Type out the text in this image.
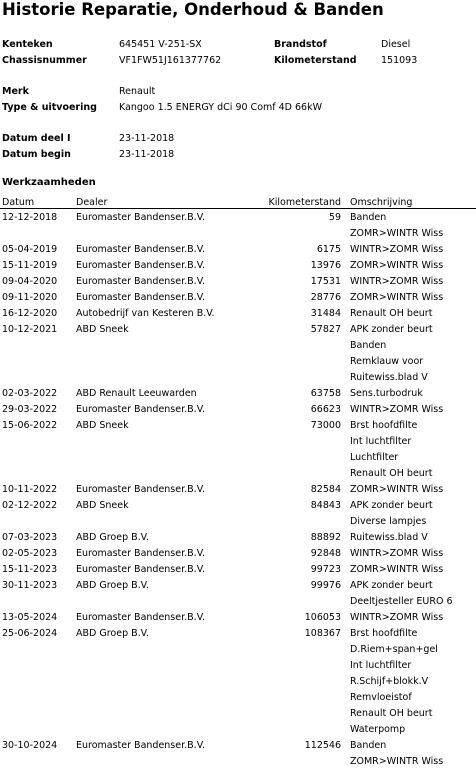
Historie Reparatie, Onderhoud & Banden
Kenteken	645451 V-251-SX	Brandstof	Diesel
Chassisnummer	VF1FW51J161377762	Kilometerstand	151093
Merk	Renault
Type & uitvoering Kangoo 1.5 ENERGY dCi 90 Comf 4D 66kW
Datum deel I	23-11-2018
Datum begin	23-11-2018
Werkzaamheden
Datum	Dealer	Kilometerstand Omschrijving
12-12-2018 Euromaster Bandenser.B.V.	59 Banden
ZOMR>WINTR Wiss
05-04-2019 Euromaster Bandenser.B.V.	6175 WINTR>ZOMR Wiss
15-11-2019 Euromaster Bandenser.B.V.	13976 ZOMR>WINTR Wiss
09-04-2020 Euromaster Bandenser.B.V.	17531 WINTR>ZOMR Wiss
09-11-2020 Euromaster Bandenser.B.V.	28776 ZOMR>WINTR Wiss
16-12-2020 Autobedrijf van Kesteren B.V.	31484 Renault OH beurt
10-12-2021 ABD Sneek	57827 APK zonder beurt
Banden
Remklauw voor
Ruitewiss.blad V
02-03-2022 ABD Renault Leeuwarden	63758 Sens.turbodruk
29-03-2022 Euromaster Bandenser.B.V.	66623 WINTR>ZOMR Wiss
15-06-2022 ABD Sneek	73000 Brst hoofdfilte
Int luchtfilter
Luchtfilter
Renault OH beurt
10-11-2022 Euromaster Bandenser.B.V.	82584 ZOMR>WINTR Wiss
02-12-2022 ABD Sneek	84843 APK zonder beurt
Diverse lampjes
07-03-2023 ABD Groep B.V.	88892 Ruitewiss.blad V
02-05-2023 Euromaster Bandenser.B.V.	92848 WINTR>ZOMR Wiss
15-11-2023 Euromaster Bandenser.B.V.	99723 ZOMR>WINTR Wiss
30-11-2023 ABD Groep B.V.	99976 APK zonder beurt
Deeltjesteller EURO 6
13-05-2024 Euromaster Bandenser.B.V.	106053 WINTR>ZOMR Wiss
25-06-2024 ABD Groep B.V.	108367 Brst hoofdfilte
D.Riem+span+gel
Int luchtfilter
R.Schijf+blokk.V
Remvloeistof
Renault OH beurt
Waterpomp
30-10-2024 Euromaster Bandenser.B.V.	112546 Banden
ZOMR>WINTR Wiss
